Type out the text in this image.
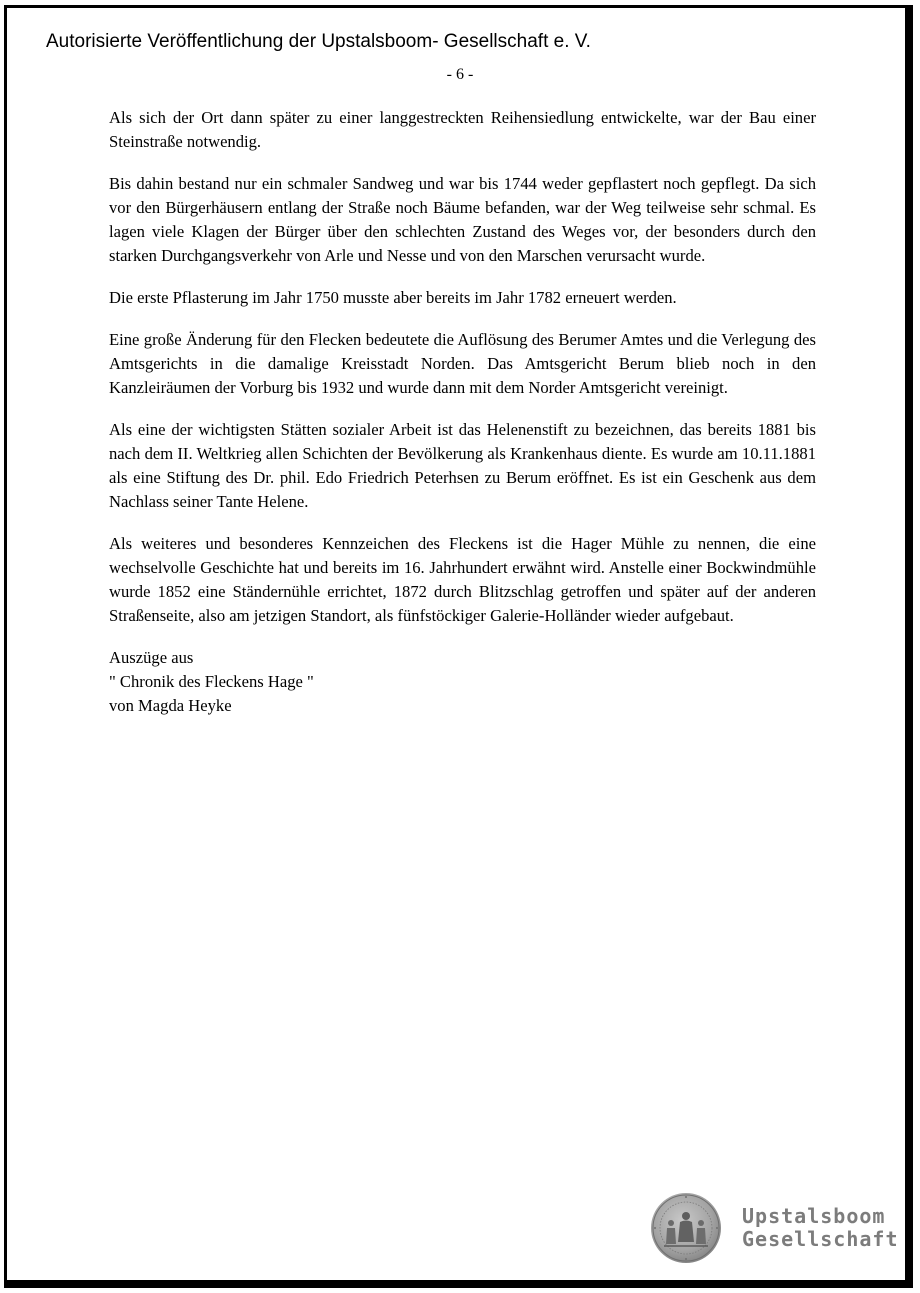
Autorisierte Veröffentlichung der Upstalsboom- Gesellschaft e. V.
- 6 -

Als sich der Ort dann später zu einer langgestreckten Reihensiedlung entwickelte, war der Bau einer Steinstraße notwendig.

Bis dahin bestand nur ein schmaler Sandweg und war bis 1744 weder gepflastert noch gepflegt. Da sich vor den Bürgerhäusern entlang der Straße noch Bäume befanden, war der Weg teilweise sehr schmal. Es lagen viele Klagen der Bürger über den schlechten Zustand des Weges vor, der besonders durch den starken Durchgangsverkehr von Arle und Nesse und von den Marschen verursacht wurde.

Die erste Pflasterung im Jahr 1750 musste aber bereits im Jahr 1782 erneuert werden.

Eine große Änderung für den Flecken bedeutete die Auflösung des Berumer Amtes und die Verlegung des Amtsgerichts in die damalige Kreisstadt Norden. Das Amtsgericht Berum blieb noch in den Kanzleiräumen der Vorburg bis 1932 und wurde dann mit dem Norder Amtsgericht vereinigt.

Als eine der wichtigsten Stätten sozialer Arbeit ist das Helenenstift zu bezeichnen, das bereits 1881 bis nach dem II. Weltkrieg allen Schichten der Bevölkerung als Krankenhaus diente. Es wurde am 10.11.1881 als eine Stiftung des Dr. phil. Edo Friedrich Peterhsen zu Berum eröffnet. Es ist ein Geschenk aus dem Nachlass seiner Tante Helene.

Als weiteres und besonderes Kennzeichen des Fleckens ist die Hager Mühle zu nennen, die eine wechselvolle Geschichte hat und bereits im 16. Jahrhundert erwähnt wird. Anstelle einer Bockwindmühle wurde 1852 eine Ständernühle errichtet, 1872 durch Blitzschlag getroffen und später auf der anderen Straßenseite, also am jetzigen Standort, als fünfstöckiger Galerie-Holländer wieder aufgebaut.

Auszüge aus
" Chronik des Fleckens Hage "
von Magda Heyke
Upstalsboom
Gesellschaft
